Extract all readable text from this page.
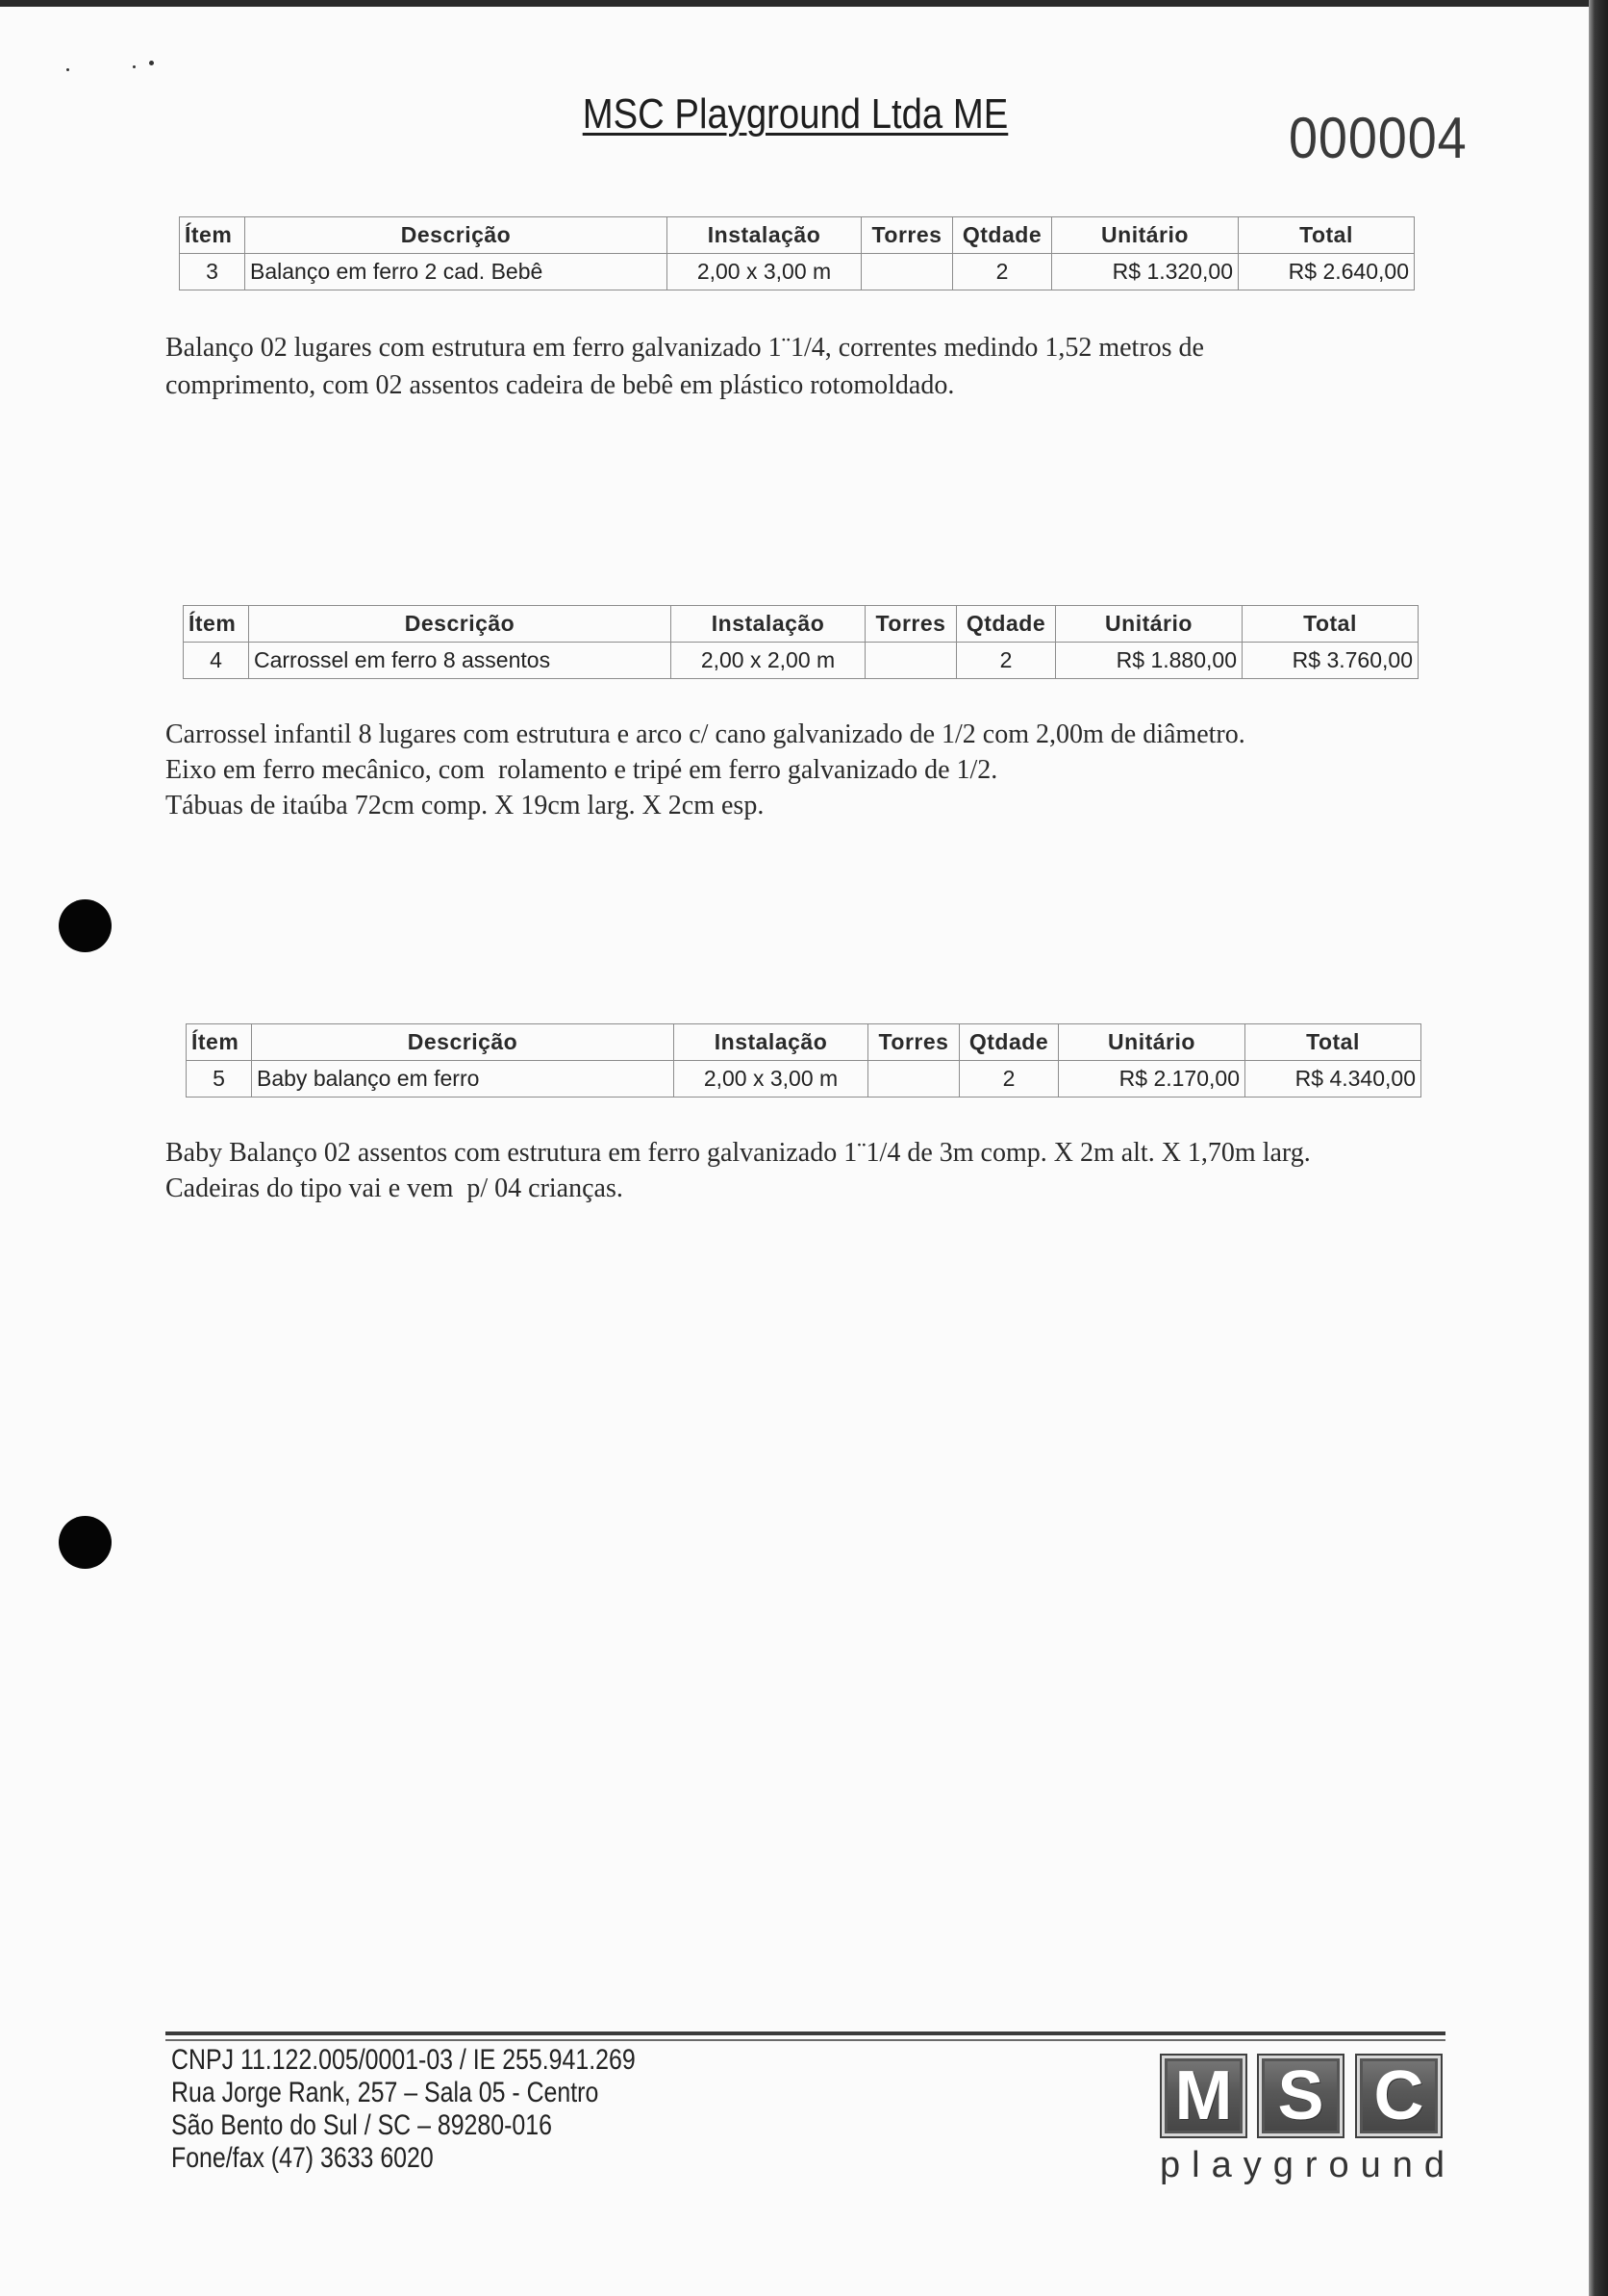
MSC Playground Ltda ME	000004
Ítem	Descrição	Instalação	Torres	Qtdade	Unitário	Total
3	Balanço em ferro 2 cad. Bebê	2,00 x 3,00 m		2	R$ 1.320,00	R$ 2.640,00
Balanço 02 lugares com estrutura em ferro galvanizado 1¨1/4, correntes medindo 1,52 metros de
comprimento, com 02 assentos cadeira de bebê em plástico rotomoldado.
Ítem	Descrição	Instalação	Torres	Qtdade	Unitário	Total
4	Carrossel em ferro 8 assentos	2,00 x 2,00 m		2	R$ 1.880,00	R$ 3.760,00
Carrossel infantil 8 lugares com estrutura e arco c/ cano galvanizado de 1/2 com 2,00m de diâmetro.
Eixo em ferro mecânico, com  rolamento e tripé em ferro galvanizado de 1/2.
Tábuas de itaúba 72cm comp. X 19cm larg. X 2cm esp.
Ítem	Descrição	Instalação	Torres	Qtdade	Unitário	Total
5	Baby balanço em ferro	2,00 x 3,00 m		2	R$ 2.170,00	R$ 4.340,00
Baby Balanço 02 assentos com estrutura em ferro galvanizado 1¨1/4 de 3m comp. X 2m alt. X 1,70m larg.
Cadeiras do tipo vai e vem  p/ 04 crianças.
CNPJ 11.122.005/0001-03 / IE 255.941.269
Rua Jorge Rank, 257 – Sala 05 - Centro
São Bento do Sul / SC – 89280-016
Fone/fax (47) 3633 6020
M S C
playground
